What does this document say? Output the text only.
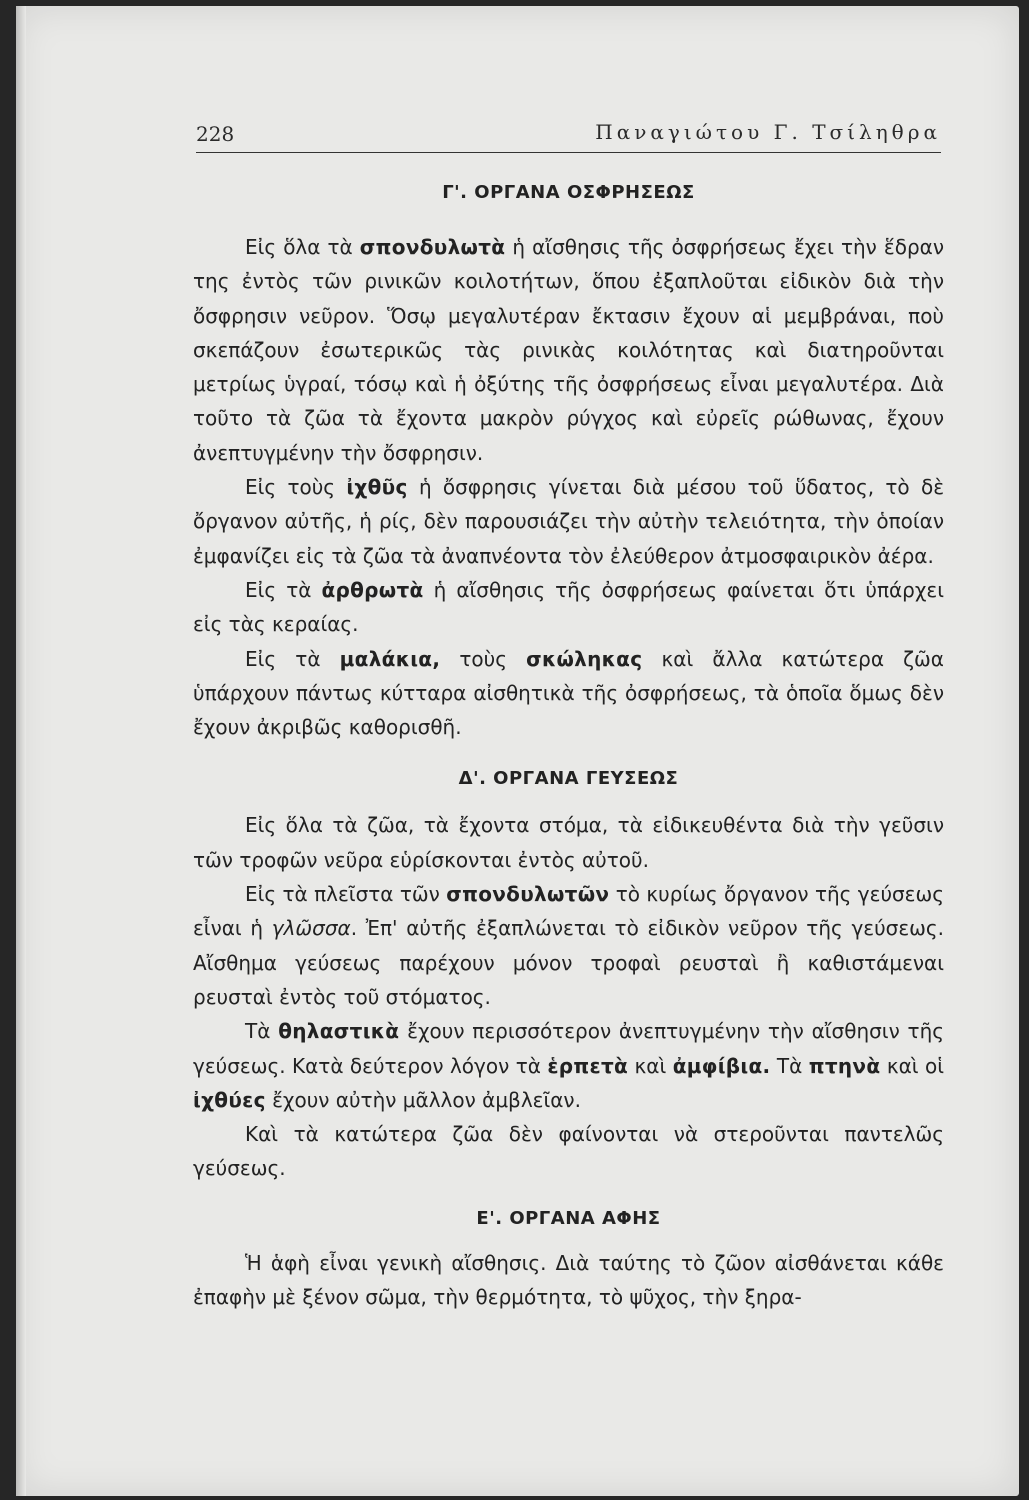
228	Παναγιώτου Γ. Τσίληθρα
Γ'. ΟΡΓΑΝΑ ΟΣΦΡΗΣΕΩΣ

Εἰς ὅλα τὰ σπονδυλωτὰ ἡ αἴσθησις τῆς ὀσφρήσεως ἔχει τὴν ἕδραν της ἐντὸς τῶν ρινικῶν κοιλοτήτων, ὅπου ἐξαπλοῦται εἰδικὸν διὰ τὴν ὄσφρησιν νεῦρον. Ὅσῳ μεγαλυτέραν ἔκτασιν ἔχουν αἱ μεμβράναι, ποὺ σκεπάζουν ἐσωτερικῶς τὰς ρινικὰς κοιλότητας καὶ διατηροῦνται μετρίως ὑγραί, τόσῳ καὶ ἡ ὀξύτης τῆς ὀσφρήσεως εἶναι μεγαλυτέρα. Διὰ τοῦτο τὰ ζῶα τὰ ἔχοντα μακρὸν ρύγχος καὶ εὐρεῖς ρώθωνας, ἔχουν ἀνεπτυγμένην τὴν ὄσφρησιν.

Εἰς τοὺς ἰχθῦς ἡ ὄσφρησις γίνεται διὰ μέσου τοῦ ὕδατος, τὸ δὲ ὄργανον αὐτῆς, ἡ ρίς, δὲν παρουσιάζει τὴν αὐτὴν τελειότητα, τὴν ὁποίαν ἐμφανίζει εἰς τὰ ζῶα τὰ ἀναπνέοντα τὸν ἐλεύθερον ἀτμοσφαιρικὸν ἀέρα.

Εἰς τὰ ἀρθρωτὰ ἡ αἴσθησις τῆς ὀσφρήσεως φαίνεται ὅτι ὑπάρχει εἰς τὰς κεραίας.

Εἰς τὰ μαλάκια, τοὺς σκώληκας καὶ ἄλλα κατώτερα ζῶα ὑπάρχουν πάντως κύτταρα αἰσθητικὰ τῆς ὀσφρήσεως, τὰ ὁποῖα ὅμως δὲν ἔχουν ἀκριβῶς καθορισθῆ.

Δ'. ΟΡΓΑΝΑ ΓΕΥΣΕΩΣ

Εἰς ὅλα τὰ ζῶα, τὰ ἔχοντα στόμα, τὰ εἰδικευθέντα διὰ τὴν γεῦσιν τῶν τροφῶν νεῦρα εὑρίσκονται ἐντὸς αὐτοῦ.

Εἰς τὰ πλεῖστα τῶν σπονδυλωτῶν τὸ κυρίως ὄργανον τῆς γεύσεως εἶναι ἡ γλῶσσα. Ἐπ' αὐτῆς ἐξαπλώνεται τὸ εἰδικὸν νεῦρον τῆς γεύσεως. Αἴσθημα γεύσεως παρέχουν μόνον τροφαὶ ρευσταὶ ἢ καθιστάμεναι ρευσταὶ ἐντὸς τοῦ στόματος.

Τὰ θηλαστικὰ ἔχουν περισσότερον ἀνεπτυγμένην τὴν αἴσθησιν τῆς γεύσεως. Κατὰ δεύτερον λόγον τὰ ἑρπετὰ καὶ ἀμφίβια. Τὰ πτηνὰ καὶ οἱ ἰχθύες ἔχουν αὐτὴν μᾶλλον ἀμβλεῖαν.

Καὶ τὰ κατώτερα ζῶα δὲν φαίνονται νὰ στεροῦνται παντελῶς γεύσεως.

Ε'. ΟΡΓΑΝΑ ΑΦΗΣ

Ἡ ἁφὴ εἶναι γενικὴ αἴσθησις. Διὰ ταύτης τὸ ζῶον αἰσθάνεται κάθε ἐπαφὴν μὲ ξένον σῶμα, τὴν θερμότητα, τὸ ψῦχος, τὴν ξηρα-
